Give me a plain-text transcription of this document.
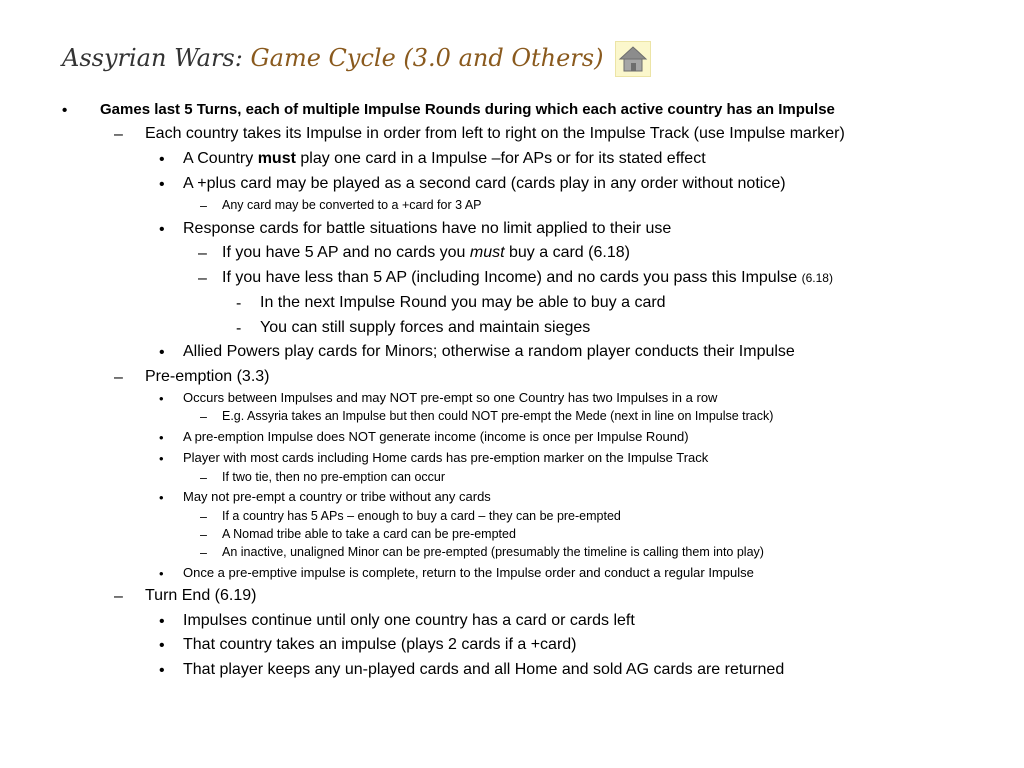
Assyrian Wars: Game Cycle (3.0 and Others)
• Games last 5 Turns, each of multiple Impulse Rounds during which each active country has an Impulse
– Each country takes its Impulse in order from left to right on the Impulse Track (use Impulse marker)
• A Country must play one card in a Impulse –for APs or for its stated effect
• A +plus card may be played as a second card (cards play in any order without notice)
– Any card may be converted to a +card for 3 AP
• Response cards for battle situations have no limit applied to their use
– If you have 5 AP and no cards you must buy a card (6.18)
– If you have less than 5 AP (including Income) and no cards you pass this Impulse (6.18)
- In the next Impulse Round you may be able to buy a card
- You can still supply forces and maintain sieges
• Allied Powers play cards for Minors; otherwise a random player conducts their Impulse
– Pre-emption (3.3)
• Occurs between Impulses and may NOT pre-empt so one Country has two Impulses in a row
– E.g. Assyria takes an Impulse but then could NOT pre-empt the Mede (next in line on Impulse track)
• A pre-emption Impulse does NOT generate income (income is once per Impulse Round)
• Player with most cards including Home cards has pre-emption marker on the Impulse Track
– If two tie, then no pre-emption can occur
• May not pre-empt a country or tribe without any cards
– If a country has 5 APs – enough to buy a card – they can be pre-empted
– A Nomad tribe able to take a card can be pre-empted
– An inactive, unaligned Minor can be pre-empted (presumably the timeline is calling them into play)
• Once a pre-emptive impulse is complete, return to the Impulse order and conduct a regular Impulse
– Turn End (6.19)
• Impulses continue until only one country has a card or cards left
• That country takes an impulse (plays 2 cards if a +card)
• That player keeps any un-played cards and all Home and sold AG cards are returned
